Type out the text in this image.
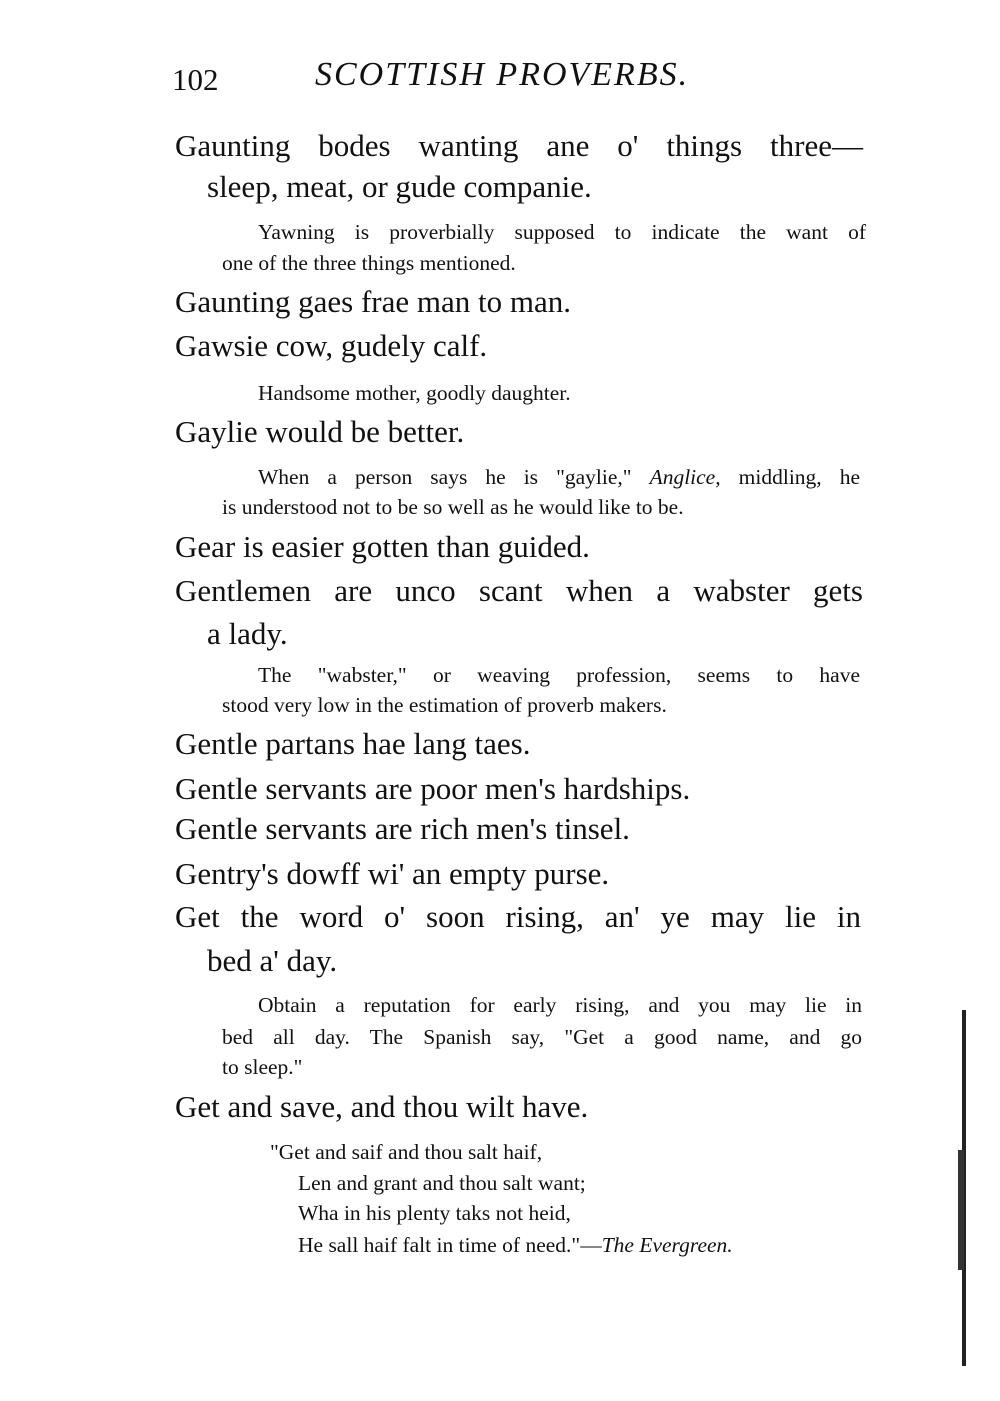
102	SCOTTISH PROVERBS.
Gaunting bodes wanting ane o' things three—
sleep, meat, or gude companie.
Yawning is proverbially supposed to indicate the want of
one of the three things mentioned.
Gaunting gaes frae man to man.
Gawsie cow, gudely calf.
Handsome mother, goodly daughter.
Gaylie would be better.
When a person says he is "gaylie," Anglice, middling, he
is understood not to be so well as he would like to be.
Gear is easier gotten than guided.
Gentlemen are unco scant when a wabster gets
a lady.
The "wabster," or weaving profession, seems to have
stood very low in the estimation of proverb makers.
Gentle partans hae lang taes.
Gentle servants are poor men's hardships.
Gentle servants are rich men's tinsel.
Gentry's dowff wi' an empty purse.
Get the word o' soon rising, an' ye may lie in
bed a' day.
Obtain a reputation for early rising, and you may lie in
bed all day. The Spanish say, "Get a good name, and go
to sleep."
Get and save, and thou wilt have.
"Get and saif and thou salt haif,
Len and grant and thou salt want;
Wha in his plenty taks not heid,
He sall haif falt in time of need."—The Evergreen.
